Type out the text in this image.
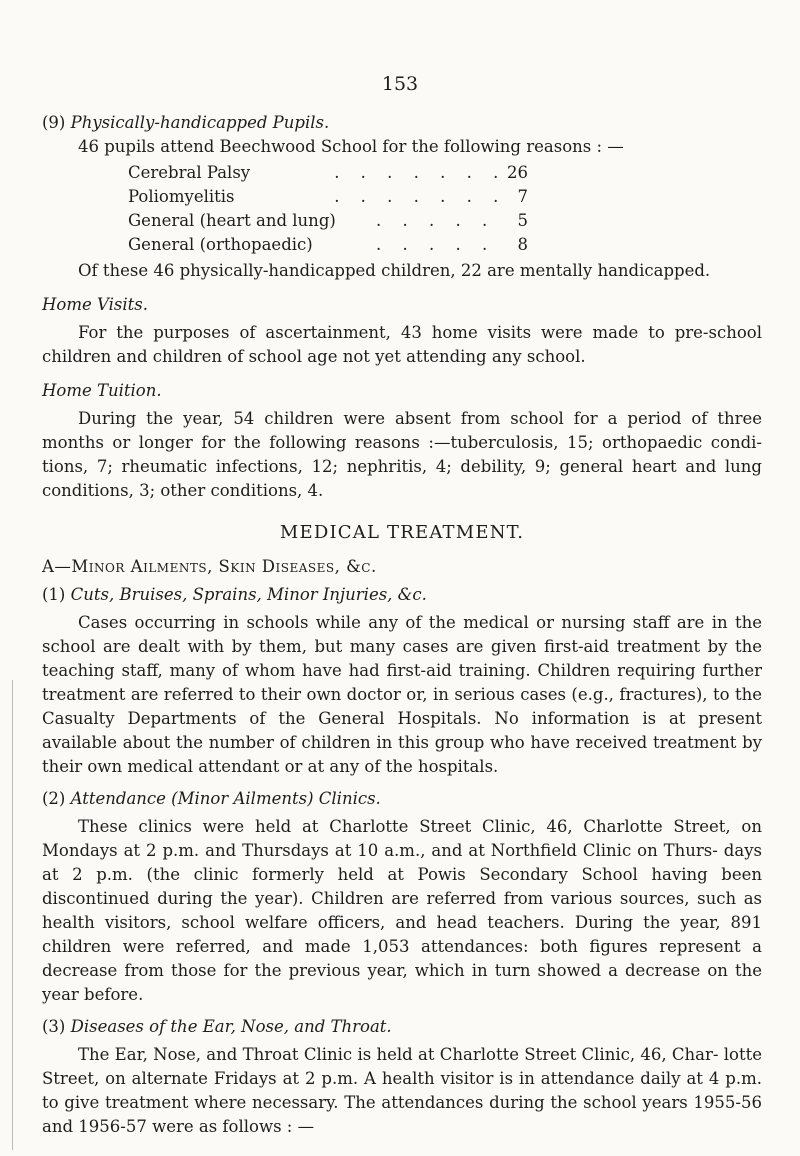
153

(9) Physically-handicapped Pupils.

46 pupils attend Beechwood School for the following reasons : —

Cerebral Palsy	. . . . . . . 26
Poliomyelitis	. . . . . . . 7
General (heart and lung)	. . . . .	5
General (orthopaedic)	. . . . .	8

Of these 46 physically-handicapped children, 22 are mentally handicapped.

Home Visits.

For the purposes of ascertainment, 43 home visits were made to pre-school children and children of school age not yet attending any school.

Home Tuition.

During the year, 54 children were absent from school for a period of three months or longer for the following reasons :—tuberculosis, 15; orthopaedic condi- tions, 7; rheumatic infections, 12; nephritis, 4; debility, 9; general heart and lung conditions, 3; other conditions, 4.

MEDICAL TREATMENT.

A—Minor Ailments, Skin Diseases, &c.

(1) Cuts, Bruises, Sprains, Minor Injuries, &c.

Cases occurring in schools while any of the medical or nursing staff are in the school are dealt with by them, but many cases are given first-aid treatment by the teaching staff, many of whom have had first-aid training. Children requiring further treatment are referred to their own doctor or, in serious cases (e.g., fractures), to the Casualty Departments of the General Hospitals. No information is at present available about the number of children in this group who have received treatment by their own medical attendant or at any of the hospitals.

(2) Attendance (Minor Ailments) Clinics.

These clinics were held at Charlotte Street Clinic, 46, Charlotte Street, on Mondays at 2 p.m. and Thursdays at 10 a.m., and at Northfield Clinic on Thurs- days at 2 p.m. (the clinic formerly held at Powis Secondary School having been discontinued during the year). Children are referred from various sources, such as health visitors, school welfare officers, and head teachers. During the year, 891 children were referred, and made 1,053 attendances: both figures represent a decrease from those for the previous year, which in turn showed a decrease on the year before.

(3) Diseases of the Ear, Nose, and Throat.

The Ear, Nose, and Throat Clinic is held at Charlotte Street Clinic, 46, Char- lotte Street, on alternate Fridays at 2 p.m. A health visitor is in attendance daily at 4 p.m. to give treatment where necessary. The attendances during the school years 1955-56 and 1956-57 were as follows : —
